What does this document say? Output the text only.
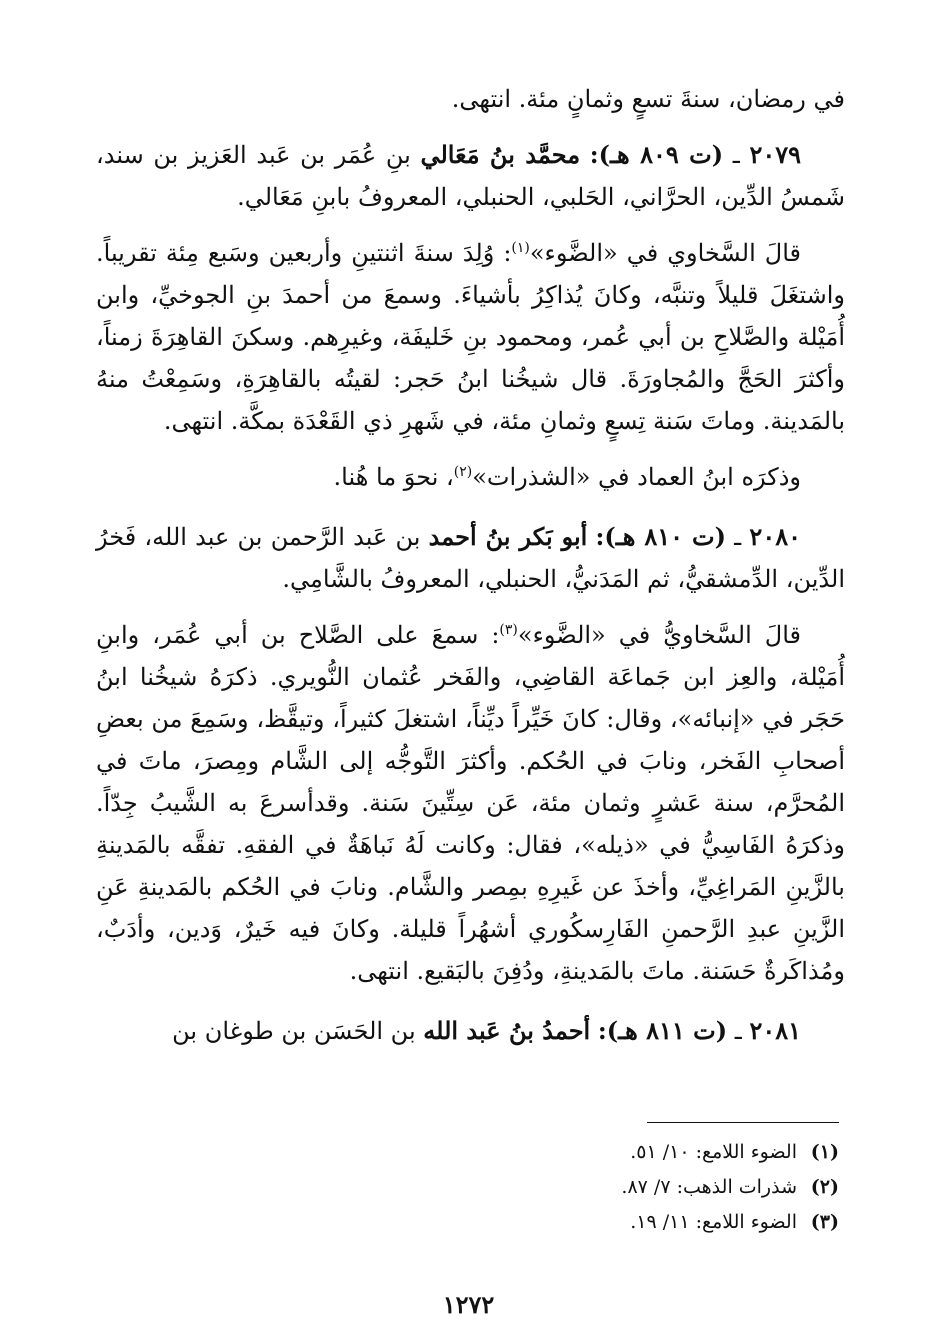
في رمضان، سنةَ تسعٍ وثمانٍ مئة. انتهى.

٢٠٧٩ ـ (ت ٨٠٩ هـ): محمَّد بنُ مَعَالي بنِ عُمَر بن عَبد العَزيز بن سند، شَمسُ الدِّين، الحرَّاني، الحَلبي، الحنبلي، المعروفُ بابنِ مَعَالي.

قالَ السَّخاوي في «الضَّوء»$^{(١)}$: وُلِدَ سنةَ اثنتينِ وأربعين وسَبع مِئة تقريباً. واشتغَلَ قليلاً وتنبَّه، وكانَ يُذاكِرُ بأشياءَ. وسمعَ من أحمدَ بنِ الجوخيِّ، وابن أُمَيْلة والصَّلاحِ بن أبي عُمر، ومحمود بنِ خَليفَة، وغيرِهم. وسكنَ القاهِرَةَ زمناً، وأكثرَ الحَجَّ والمُجاورَةَ. قال شيخُنا ابنُ حَجر: لقيتُه بالقاهِرَةِ، وسَمِعْتُ منهُ بالمَدينة. وماتَ سَنة تِسعٍ وثمانِ مئة، في شَهرِ ذي القَعْدَة بمكَّة. انتهى.

وذكرَه ابنُ العماد في «الشذرات»$^{(٢)}$، نحوَ ما هُنا.

٢٠٨٠ ـ (ت ٨١٠ هـ): أبو بَكر بنُ أحمد بن عَبد الرَّحمن بن عبد الله، فَخرُ الدِّين، الدِّمشقيُّ، ثم المَدَنيُّ، الحنبلي، المعروفُ بالشَّامِي.

قالَ السَّخاويُّ في «الضَّوء»$^{(٣)}$: سمعَ على الصَّلاح بن أبي عُمَر، وابنِ أُمَيْلة، والعِز ابن جَماعَة القاضِي، والفَخر عُثمان النُّويري. ذكرَهُ شيخُنا ابنُ حَجَر في «إنبائه»، وقال: كانَ خَيِّراً ديِّناً، اشتغلَ كثيراً، وتيقَّظ، وسَمِعَ من بعضِ أصحابِ الفَخر، ونابَ في الحُكم. وأكثرَ التَّوجُّه إلى الشَّام ومِصرَ، ماتَ في المُحرَّم، سنة عَشرٍ وثمان مئة، عَن سِتِّينَ سَنة. وقدأسرعَ به الشَّيبُ جِدّاً. وذكرَهُ الفَاسِيُّ في «ذيله»، فقال: وكانت لَهُ نَباهَةٌ في الفقهِ. تفقَّه بالمَدينةِ بالزَّينِ المَراغِيِّ، وأخذَ عن غَيرِهِ بمِصر والشَّام. ونابَ في الحُكم بالمَدينةِ عَنِ الزَّينِ عبدِ الرَّحمنِ الفَارِسكُوري أشهُراً قليلة. وكانَ فيه خَيرٌ، وَدين، وأدَبٌ، ومُذاكَرةٌ حَسَنة. ماتَ بالمَدينةِ، ودُفِنَ بالبَقيع. انتهى.

٢٠٨١ ـ (ت ٨١١ هـ): أحمدُ بنُ عَبد الله بن الحَسَن بن طوغان بن

(١)
الضوء اللامع: ١٠/ ٥١.
(٢)
شذرات الذهب: ٧/ ٨٧.
(٣)
الضوء اللامع: ١١/ ١٩.
١٢٧٢
